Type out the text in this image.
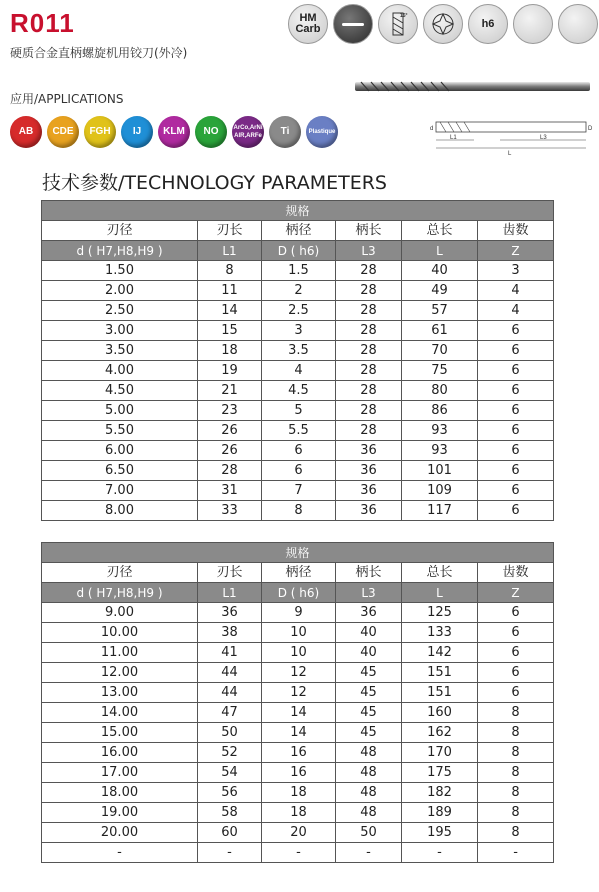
R011
硬质合金直柄螺旋机用铰刀(外冷)
应用/APPLICATIONS
HM
Carb
15°
h6
AB	CDE	FGH	IJ	KLM	NO	ArCo,ArNi AlR,ARFe	Ti	Plastique
L1	L3
L
d	D
技术参数/TECHNOLOGY PARAMETERS
规格					
刃径	刃长	柄径	柄长	总长	齿数
d ( H7,H8,H9 )	L1	D ( h6)	L3	L	Z
1.50	8	1.5	28	40	3
2.00	11	2	28	49	4
2.50	14	2.5	28	57	4
3.00	15	3	28	61	6
3.50	18	3.5	28	70	6
4.00	19	4	28	75	6
4.50	21	4.5	28	80	6
5.00	23	5	28	86	6
5.50	26	5.5	28	93	6
6.00	26	6	36	93	6
6.50	28	6	36	101	6
7.00	31	7	36	109	6
8.00	33	8	36	117	6
规格					
刃径	刃长	柄径	柄长	总长	齿数
d ( H7,H8,H9 )	L1	D ( h6)	L3	L	Z
9.00	36	9	36	125	6
10.00	38	10	40	133	6
11.00	41	10	40	142	6
12.00	44	12	45	151	6
13.00	44	12	45	151	6
14.00	47	14	45	160	8
15.00	50	14	45	162	8
16.00	52	16	48	170	8
17.00	54	16	48	175	8
18.00	56	18	48	182	8
19.00	58	18	48	189	8
20.00	60	20	50	195	8
-	-	-	-	-	-
